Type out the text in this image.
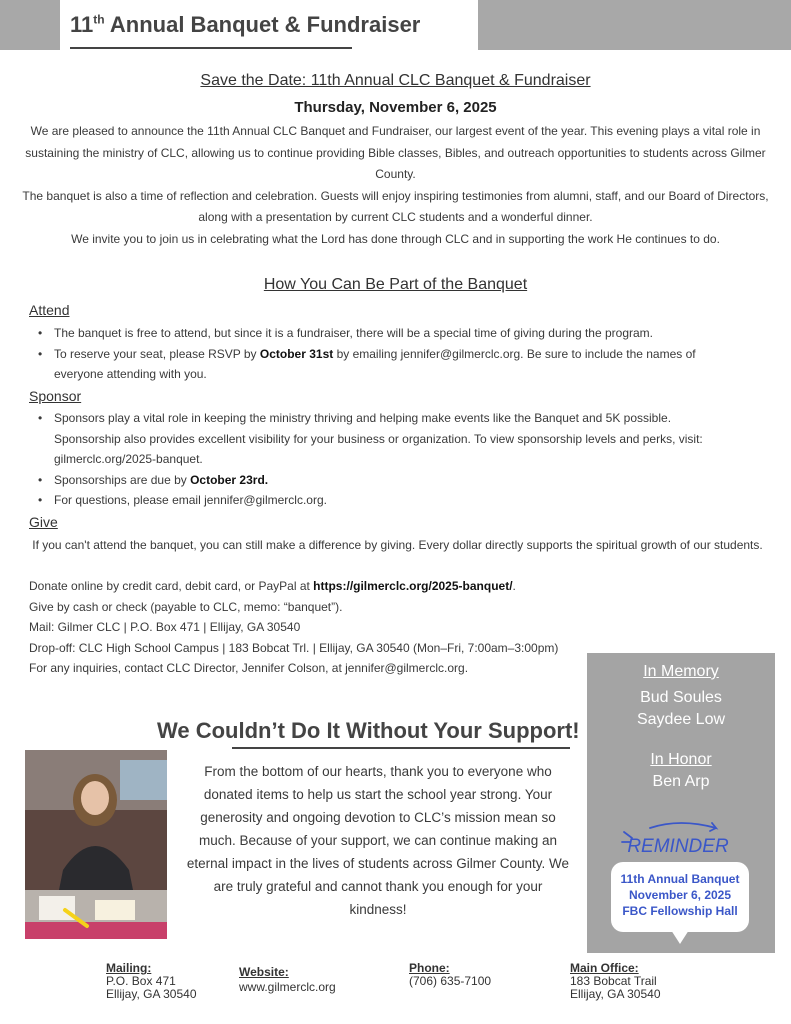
11th Annual Banquet & Fundraiser
Save the Date: 11th Annual CLC Banquet & Fundraiser
Thursday, November 6, 2025
We are pleased to announce the 11th Annual CLC Banquet and Fundraiser, our largest event of the year. This evening plays a vital role in sustaining the ministry of CLC, allowing us to continue providing Bible classes, Bibles, and outreach opportunities to students across Gilmer County.
The banquet is also a time of reflection and celebration. Guests will enjoy inspiring testimonies from alumni, staff, and our Board of Directors, along with a presentation by current CLC students and a wonderful dinner.
We invite you to join us in celebrating what the Lord has done through CLC and in supporting the work He continues to do.
How You Can Be Part of the Banquet
Attend
• The banquet is free to attend, but since it is a fundraiser, there will be a special time of giving during the program.
• To reserve your seat, please RSVP by October 31st by emailing jennifer@gilmerclc.org. Be sure to include the names of everyone attending with you.
Sponsor
• Sponsors play a vital role in keeping the ministry thriving and helping make events like the Banquet and 5K possible. Sponsorship also provides excellent visibility for your business or organization. To view sponsorship levels and perks, visit: gilmerclc.org/2025-banquet.
• Sponsorships are due by October 23rd.
• For questions, please email jennifer@gilmerclc.org.
Give
If you can't attend the banquet, you can still make a difference by giving. Every dollar directly supports the spiritual growth of our students.
Donate online by credit card, debit card, or PayPal at https://gilmerclc.org/2025-banquet/.
Give by cash or check (payable to CLC, memo: “banquet”).
Mail: Gilmer CLC | P.O. Box 471 | Ellijay, GA 30540
Drop-off: CLC High School Campus | 183 Bobcat Trl. | Ellijay, GA 30540 (Mon–Fri, 7:00am–3:00pm)
For any inquiries, contact CLC Director, Jennifer Colson, at jennifer@gilmerclc.org.	In Memory
Bud Soules
Saydee Low
In Honor
Ben Arp
REMINDER
11th Annual Banquet
November 6, 2025
FBC Fellowship Hall
We Couldn’t Do It Without Your Support!
From the bottom of our hearts, thank you to everyone who donated items to help us start the school year strong. Your generosity and ongoing devotion to CLC’s mission mean so much. Because of your support, we can continue making an eternal impact in the lives of students across Gilmer County. We are truly grateful and cannot thank you enough for your kindness!
Mailing:
P.O. Box 471
Ellijay, GA 30540
Website:
www.gilmerclc.org
Phone:
(706) 635-7100
Main Office:
183 Bobcat Trail
Ellijay, GA 30540
